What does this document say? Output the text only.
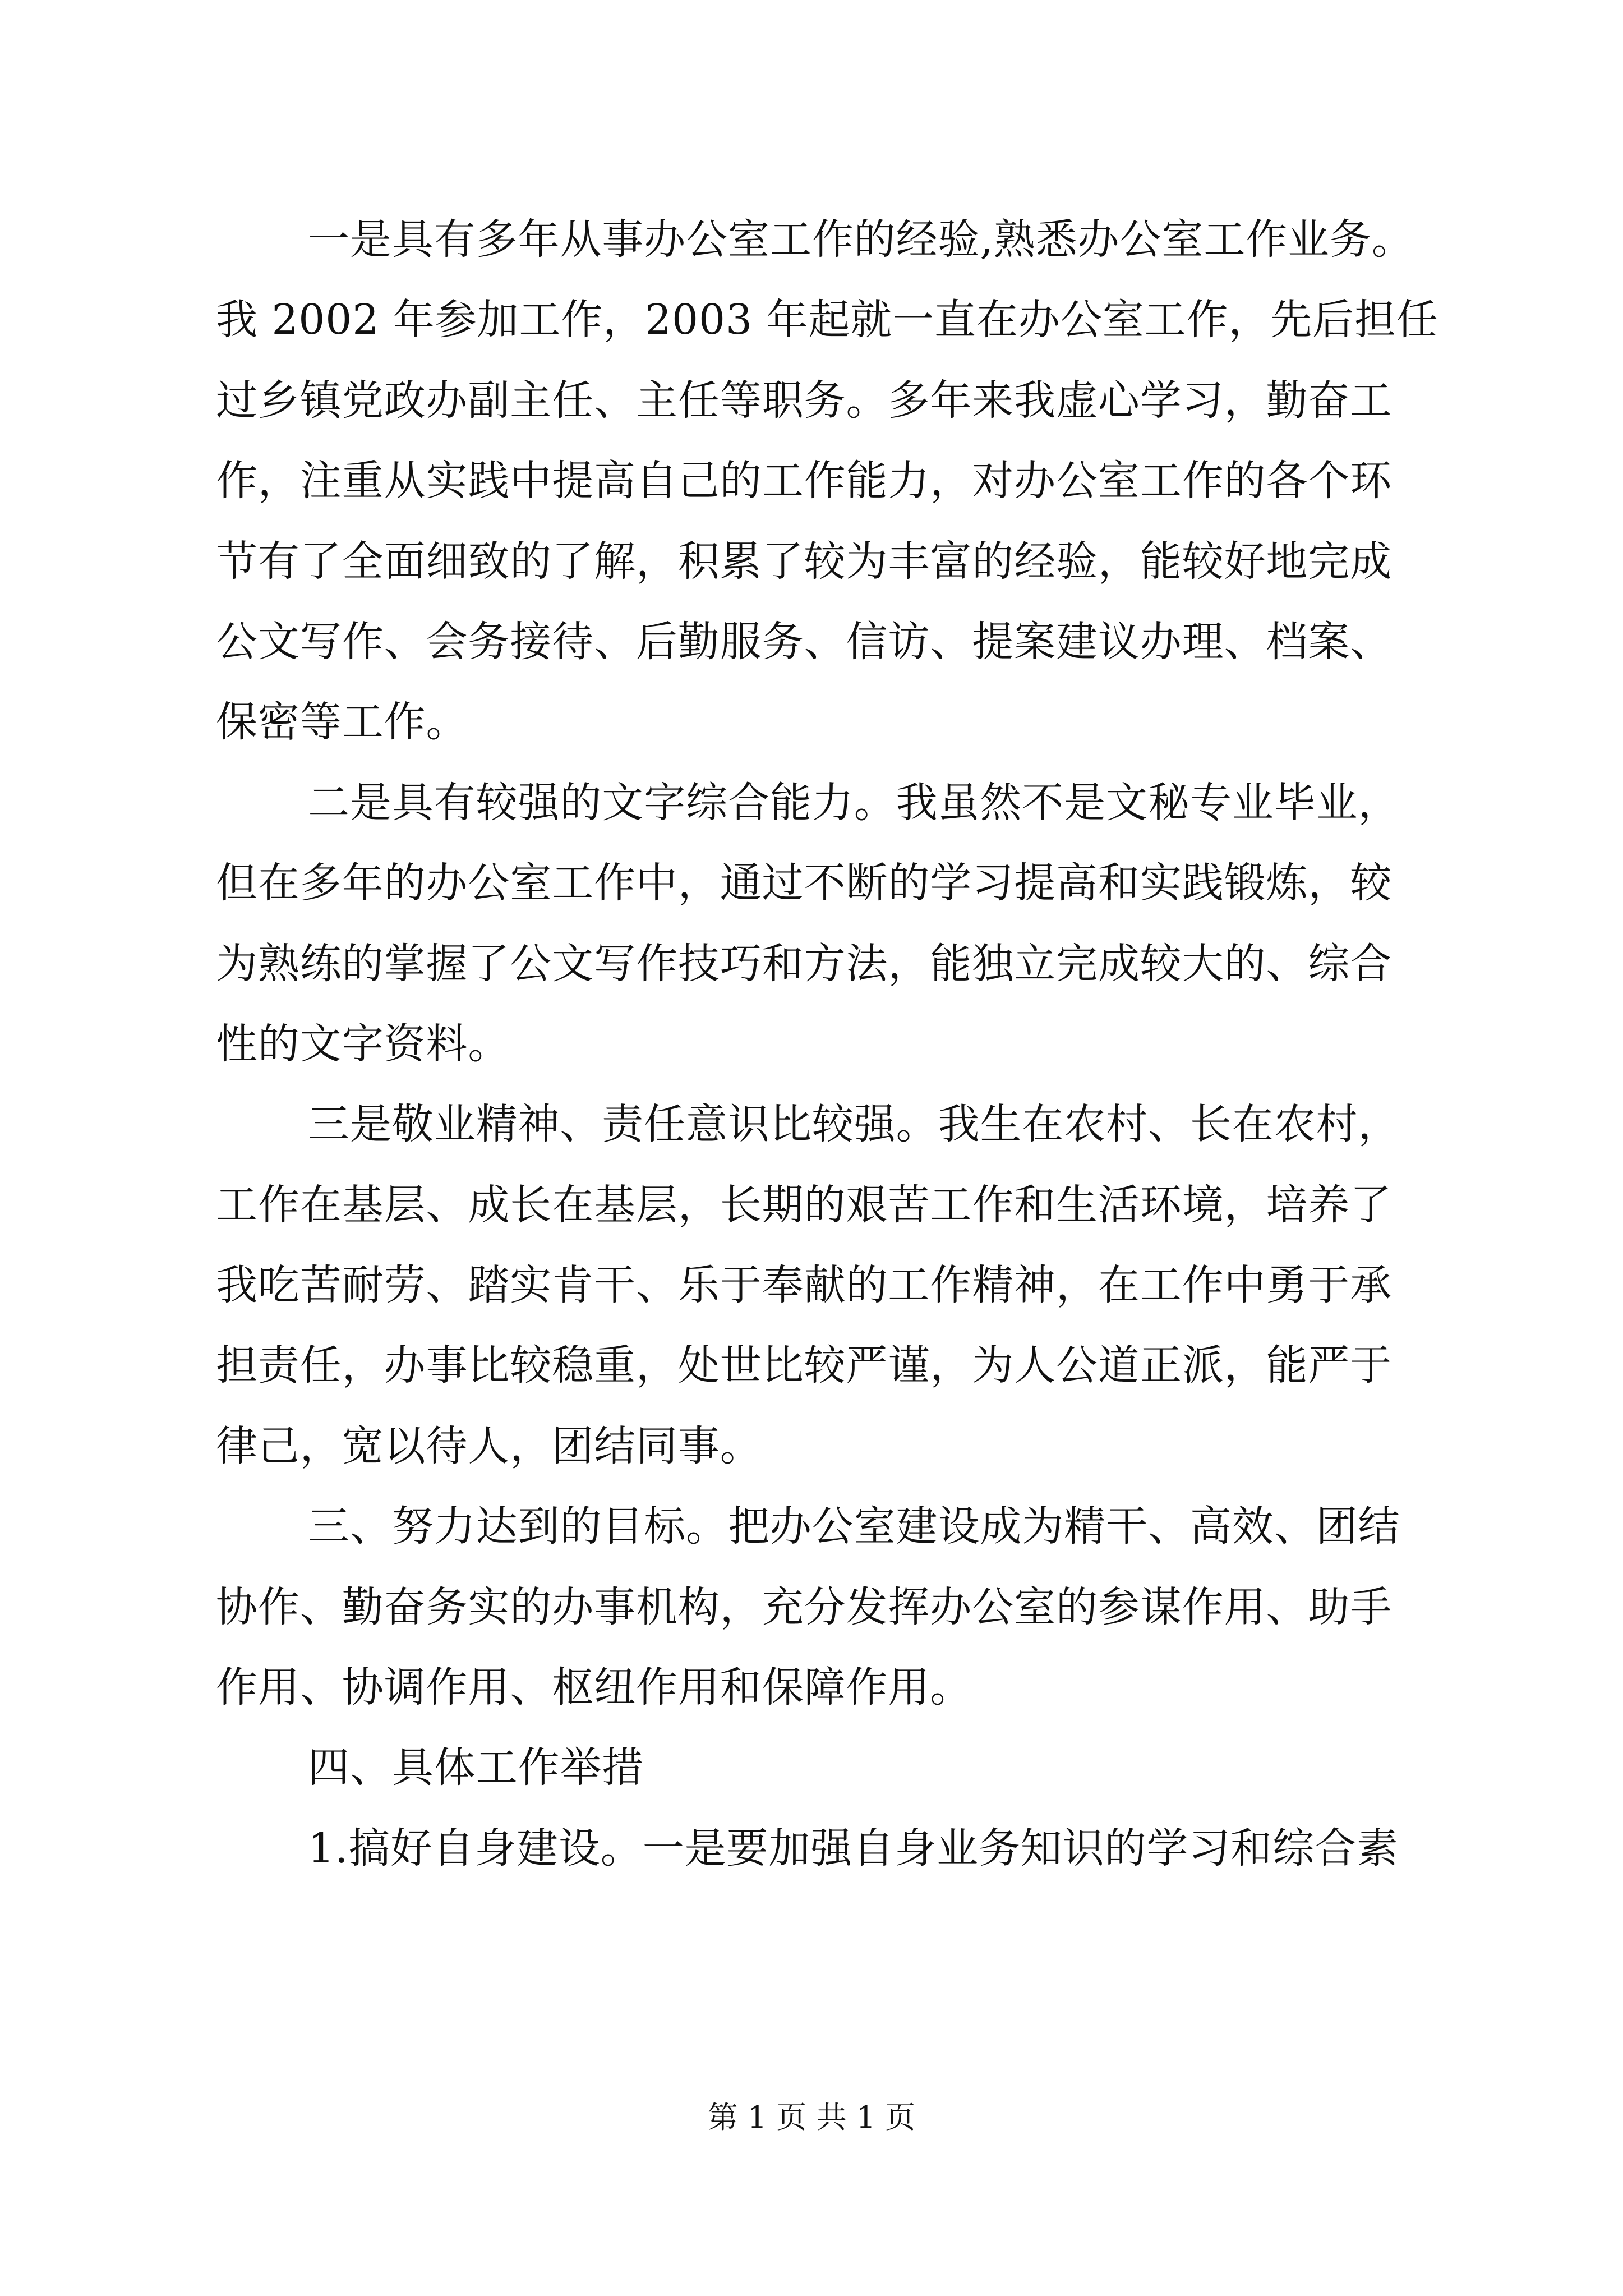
一是具有多年从事办公室工作的经验,熟悉办公室工作业务。
我 2002 年参加工作，2003 年起就一直在办公室工作，先后担任
过乡镇党政办副主任、主任等职务。多年来我虚心学习，勤奋工
作，注重从实践中提高自己的工作能力，对办公室工作的各个环
节有了全面细致的了解，积累了较为丰富的经验，能较好地完成
公文写作、会务接待、后勤服务、信访、提案建议办理、档案、
保密等工作。
二是具有较强的文字综合能力。我虽然不是文秘专业毕业，
但在多年的办公室工作中，通过不断的学习提高和实践锻炼，较
为熟练的掌握了公文写作技巧和方法，能独立完成较大的、综合
性的文字资料。
三是敬业精神、责任意识比较强。我生在农村、长在农村，
工作在基层、成长在基层，长期的艰苦工作和生活环境，培养了
我吃苦耐劳、踏实肯干、乐于奉献的工作精神，在工作中勇于承
担责任，办事比较稳重，处世比较严谨，为人公道正派，能严于
律己，宽以待人，团结同事。
三、努力达到的目标。把办公室建设成为精干、高效、团结
协作、勤奋务实的办事机构，充分发挥办公室的参谋作用、助手
作用、协调作用、枢纽作用和保障作用。
四、具体工作举措
1.搞好自身建设。一是要加强自身业务知识的学习和综合素
第 1 页 共 1 页
